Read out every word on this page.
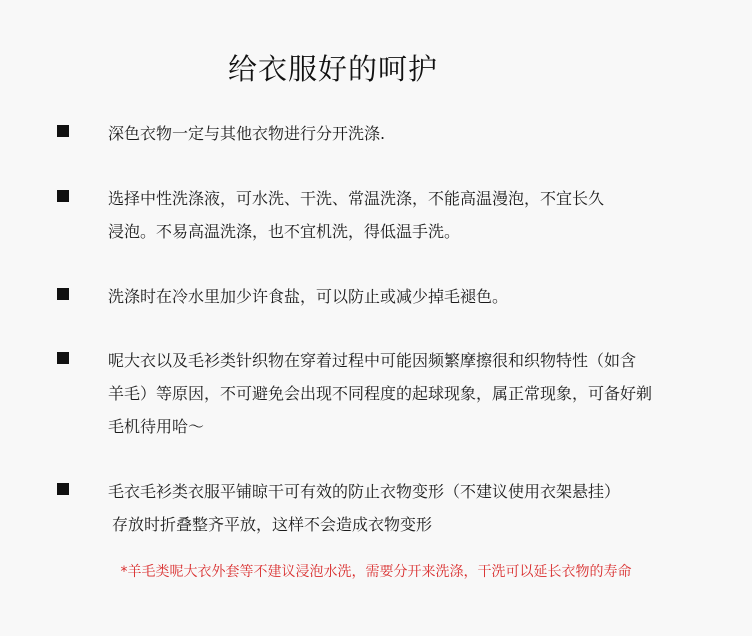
给衣服好的呵护
深色衣物一定与其他衣物进行分开洗涤.
选择中性洗涤液，可水洗、干洗、常温洗涤，不能高温漫泡，不宜长久
浸泡。不易高温洗涤，也不宜机洗，得低温手洗。
洗涤时在冷水里加少许食盐，可以防止或减少掉毛褪色。
呢大衣以及毛衫类针织物在穿着过程中可能因频繁摩擦很和织物特性（如含
羊毛）等原因，不可避免会出现不同程度的起球现象，属正常现象，可备好剃
毛机待用哈～
毛衣毛衫类衣服平铺晾干可有效的防止衣物变形（不建议使用衣架悬挂）
存放时折叠整齐平放，这样不会造成衣物变形
*羊毛类呢大衣外套等不建议浸泡水洗，需要分开来洗涤，干洗可以延长衣物的寿命
